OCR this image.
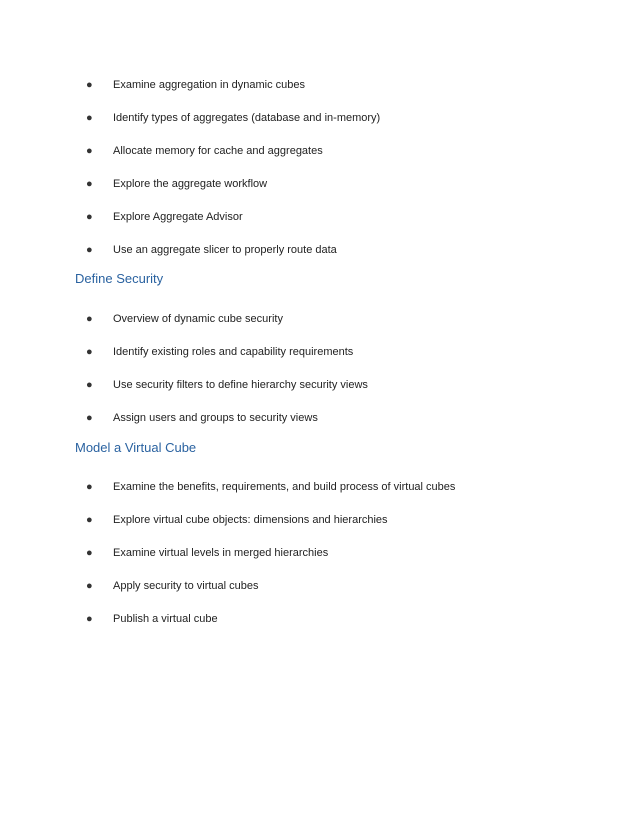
● Examine aggregation in dynamic cubes
● Identify types of aggregates (database and in-memory)
● Allocate memory for cache and aggregates
● Explore the aggregate workflow
● Explore Aggregate Advisor
● Use an aggregate slicer to properly route data
Define Security
● Overview of dynamic cube security
● Identify existing roles and capability requirements
● Use security filters to define hierarchy security views
● Assign users and groups to security views
Model a Virtual Cube
● Examine the benefits, requirements, and build process of virtual cubes
● Explore virtual cube objects: dimensions and hierarchies
● Examine virtual levels in merged hierarchies
● Apply security to virtual cubes
● Publish a virtual cube
